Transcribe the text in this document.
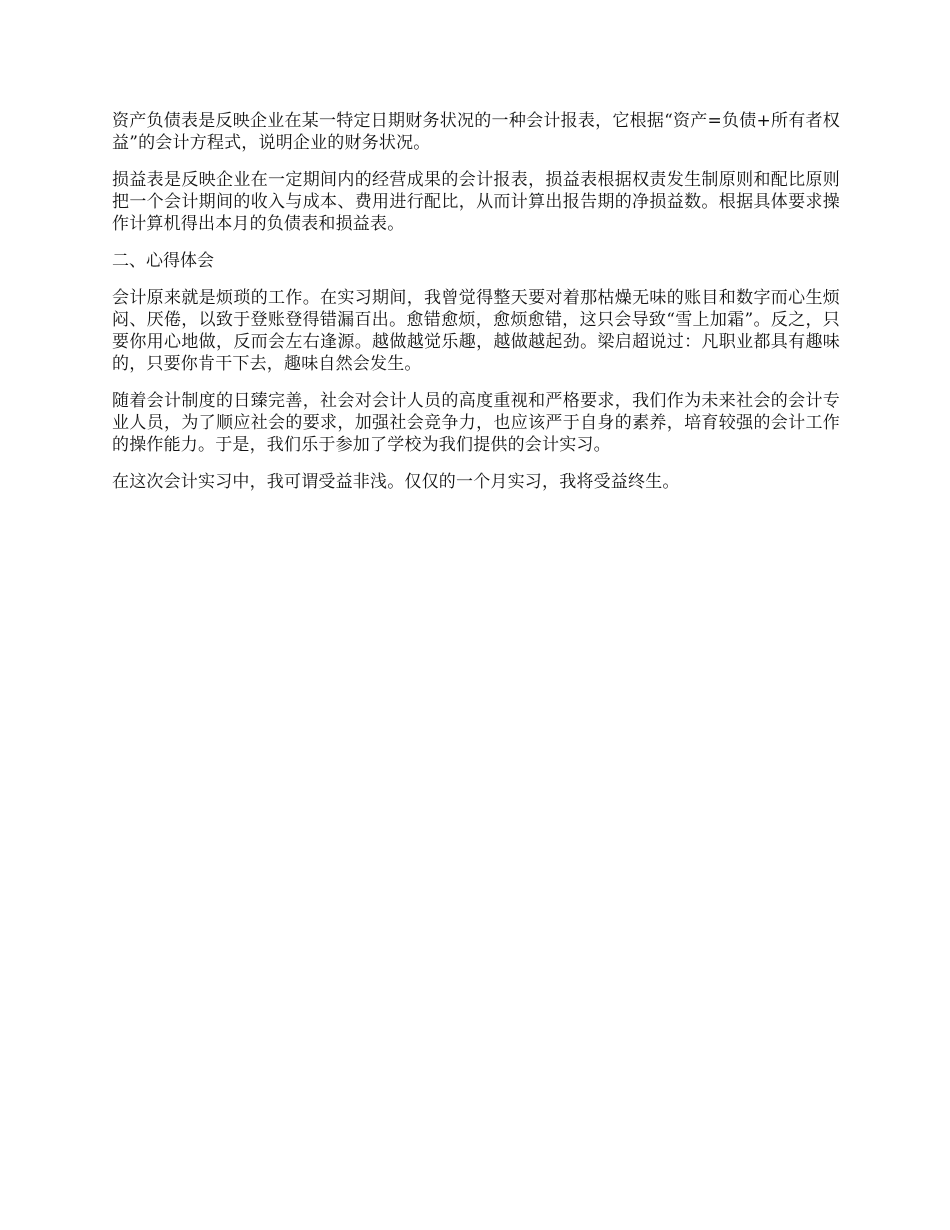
资产负债表是反映企业在某一特定日期财务状况的一种会计报表，它根据“资产=负债+所有者权益”的会计方程式，说明企业的财务状况。

损益表是反映企业在一定期间内的经营成果的会计报表，损益表根据权责发生制原则和配比原则把一个会计期间的收入与成本、费用进行配比，从而计算出报告期的净损益数。根据具体要求操作计算机得出本月的负债表和损益表。

二、心得体会

会计原来就是烦琐的工作。在实习期间，我曾觉得整天要对着那枯燥无味的账目和数字而心生烦闷、厌倦，以致于登账登得错漏百出。愈错愈烦，愈烦愈错，这只会导致“雪上加霜”。反之，只要你用心地做，反而会左右逢源。越做越觉乐趣，越做越起劲。梁启超说过：凡职业都具有趣味的，只要你肯干下去，趣味自然会发生。

随着会计制度的日臻完善，社会对会计人员的高度重视和严格要求，我们作为未来社会的会计专业人员，为了顺应社会的要求，加强社会竞争力，也应该严于自身的素养，培育较强的会计工作的操作能力。于是，我们乐于参加了学校为我们提供的会计实习。

在这次会计实习中，我可谓受益非浅。仅仅的一个月实习，我将受益终生。
